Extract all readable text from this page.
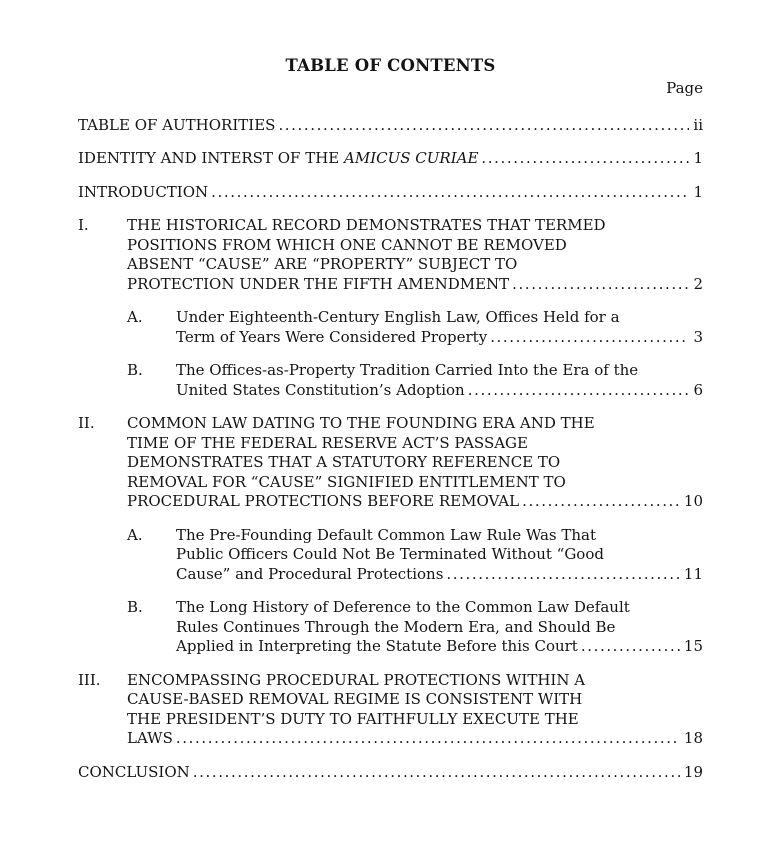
TABLE OF CONTENTS
Page
TABLE OF AUTHORITIES .....	ii
IDENTITY AND INTERST OF THE AMICUS CURIAE .....	1
INTRODUCTION .....	1
I.	THE HISTORICAL RECORD DEMONSTRATES THAT TERMED
POSITIONS FROM WHICH ONE CANNOT BE REMOVED
ABSENT “CAUSE” ARE “PROPERTY” SUBJECT TO
PROTECTION UNDER THE FIFTH AMENDMENT .....	2
A.	Under Eighteenth-Century English Law, Offices Held for a
Term of Years Were Considered Property .....	3
B.	The Offices-as-Property Tradition Carried Into the Era of the
United States Constitution’s Adoption .....	6
II.	COMMON LAW DATING TO THE FOUNDING ERA AND THE
TIME OF THE FEDERAL RESERVE ACT’S PASSAGE
DEMONSTRATES THAT A STATUTORY REFERENCE TO
REMOVAL FOR “CAUSE” SIGNIFIED ENTITLEMENT TO
PROCEDURAL PROTECTIONS BEFORE REMOVAL .....	10
A.	The Pre-Founding Default Common Law Rule Was That
Public Officers Could Not Be Terminated Without “Good
Cause” and Procedural Protections .....	11
B.	The Long History of Deference to the Common Law Default
Rules Continues Through the Modern Era, and Should Be
Applied in Interpreting the Statute Before this Court .....	15
III.	ENCOMPASSING PROCEDURAL PROTECTIONS WITHIN A
CAUSE-BASED REMOVAL REGIME IS CONSISTENT WITH
THE PRESIDENT’S DUTY TO FAITHFULLY EXECUTE THE
LAWS .....	18
CONCLUSION .....	19
